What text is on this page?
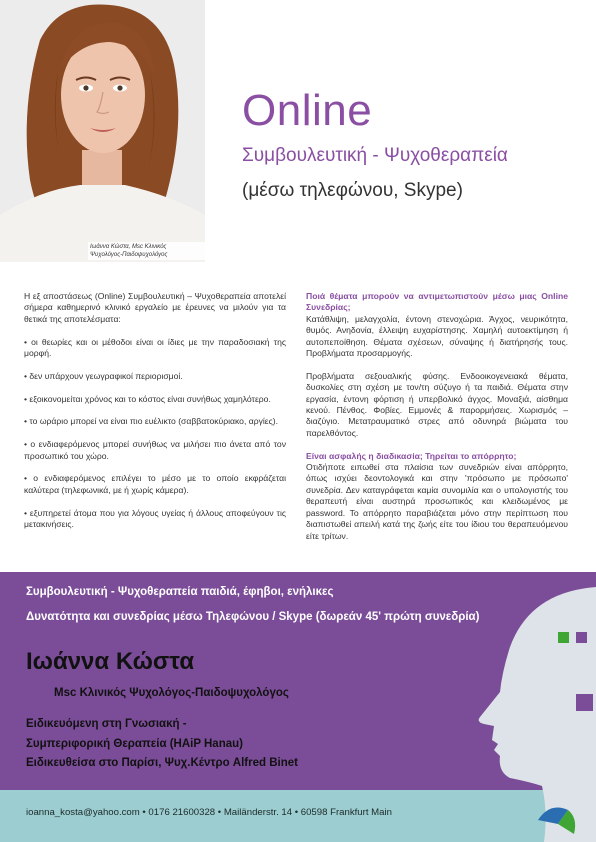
Ιωάννα Κώστα, Msc Κλινικός
Ψυχολόγος-Παιδοψυχολόγος
Online
Συμβουλευτική - Ψυχοθεραπεία
(μέσω τηλεφώνου, Skype)

Η εξ αποστάσεως (Online) Συμβουλευτική – Ψυχοθεραπεία αποτελεί σήμερα καθημερινό κλινικό εργαλείο με έρευνες να μιλούν για τα θετικά της αποτελέσματα:

• οι θεωρίες και οι μέθοδοι είναι οι ίδιες με την παραδοσιακή της μορφή.

• δεν υπάρχουν γεωγραφικοί περιορισμοί.

• εξοικονομείται χρόνος και το κόστος είναι συνήθως χαμηλότερο.

• το ωράριο μπορεί να είναι πιο ευέλικτο (σαββατοκύριακο, αργίες).

• ο ενδιαφερόμενος μπορεί συνήθως να μιλήσει πιο άνετα από τον προσωπικό του χώρο.

• ο ενδιαφερόμενος επιλέγει το μέσο με το οποίο εκφράζεται καλύτερα (τηλεφωνικά, με ή χωρίς κάμερα).

• εξυπηρετεί άτομα που για λόγους υγείας ή άλλους αποφεύγουν τις μετακινήσεις.

Ποιά θέματα μπορούν να αντιμετωπιστούν μέσω μιας Online Συνεδρίας;

Κατάθλιψη, μελαγχολία, έντονη στενοχώρια. Άγχος, νευρικότητα, θυμός. Ανηδονία, έλλειψη ευχαρίστησης. Χαμηλή αυτοεκτίμηση ή αυτοπεποίθηση. Θέματα σχέσεων, σύναψης ή διατήρησής τους. Προβλήματα προσαρμογής.

Προβλήματα σεξουαλικής φύσης. Ενδοοικογενειακά θέματα, δυσκολίες στη σχέση με τον/τη σύζυγο ή τα παιδιά. Θέματα στην εργασία, έντονη φόρτιση ή υπερβολικό άγχος. Μοναξιά, αίσθημα κενού. Πένθος. Φοβίες. Εμμονές & παρορμήσεις. Χωρισμός – διαζύγιο. Μετατραυματικό στρες από οδυνηρά βιώματα του παρελθόντος.

Είναι ασφαλής η διαδικασία; Τηρείται το απόρρητο;

Οτιδήποτε ειπωθεί στα πλαίσια των συνεδριών είναι απόρρητο, όπως ισχύει δεοντολογικά και στην 'πρόσωπο με πρόσωπο' συνεδρία. Δεν καταγράφεται καμία συνομιλία και ο υπολογιστής του θεραπευτή είναι αυστηρά προσωπικός και κλειδωμένος με password. Το απόρρητο παραβιάζεται μόνο στην περίπτωση που διαπιστωθεί απειλή κατά της ζωής είτε του ίδιου του θεραπευόμενου είτε τρίτων.

Συμβουλευτική - Ψυχοθεραπεία παιδιά, έφηβοι, ενήλικες
Δυνατότητα και συνεδρίας μέσω Τηλεφώνου / Skype (δωρεάν 45' πρώτη συνεδρία)
Ιωάννα Κώστα
Msc Κλινικός Ψυχολόγος-Παιδοψυχολόγος
Ειδικευόμενη στη Γνωσιακή -
Συμπεριφορική Θεραπεία (HAiP Hanau)
Ειδικευθείσα στο Παρίσι, Ψυχ.Κέντρο Alfred Binet
ioanna_kosta@yahoo.com • 0176 21600328 • Mailänderstr. 14 • 60598 Frankfurt Main
